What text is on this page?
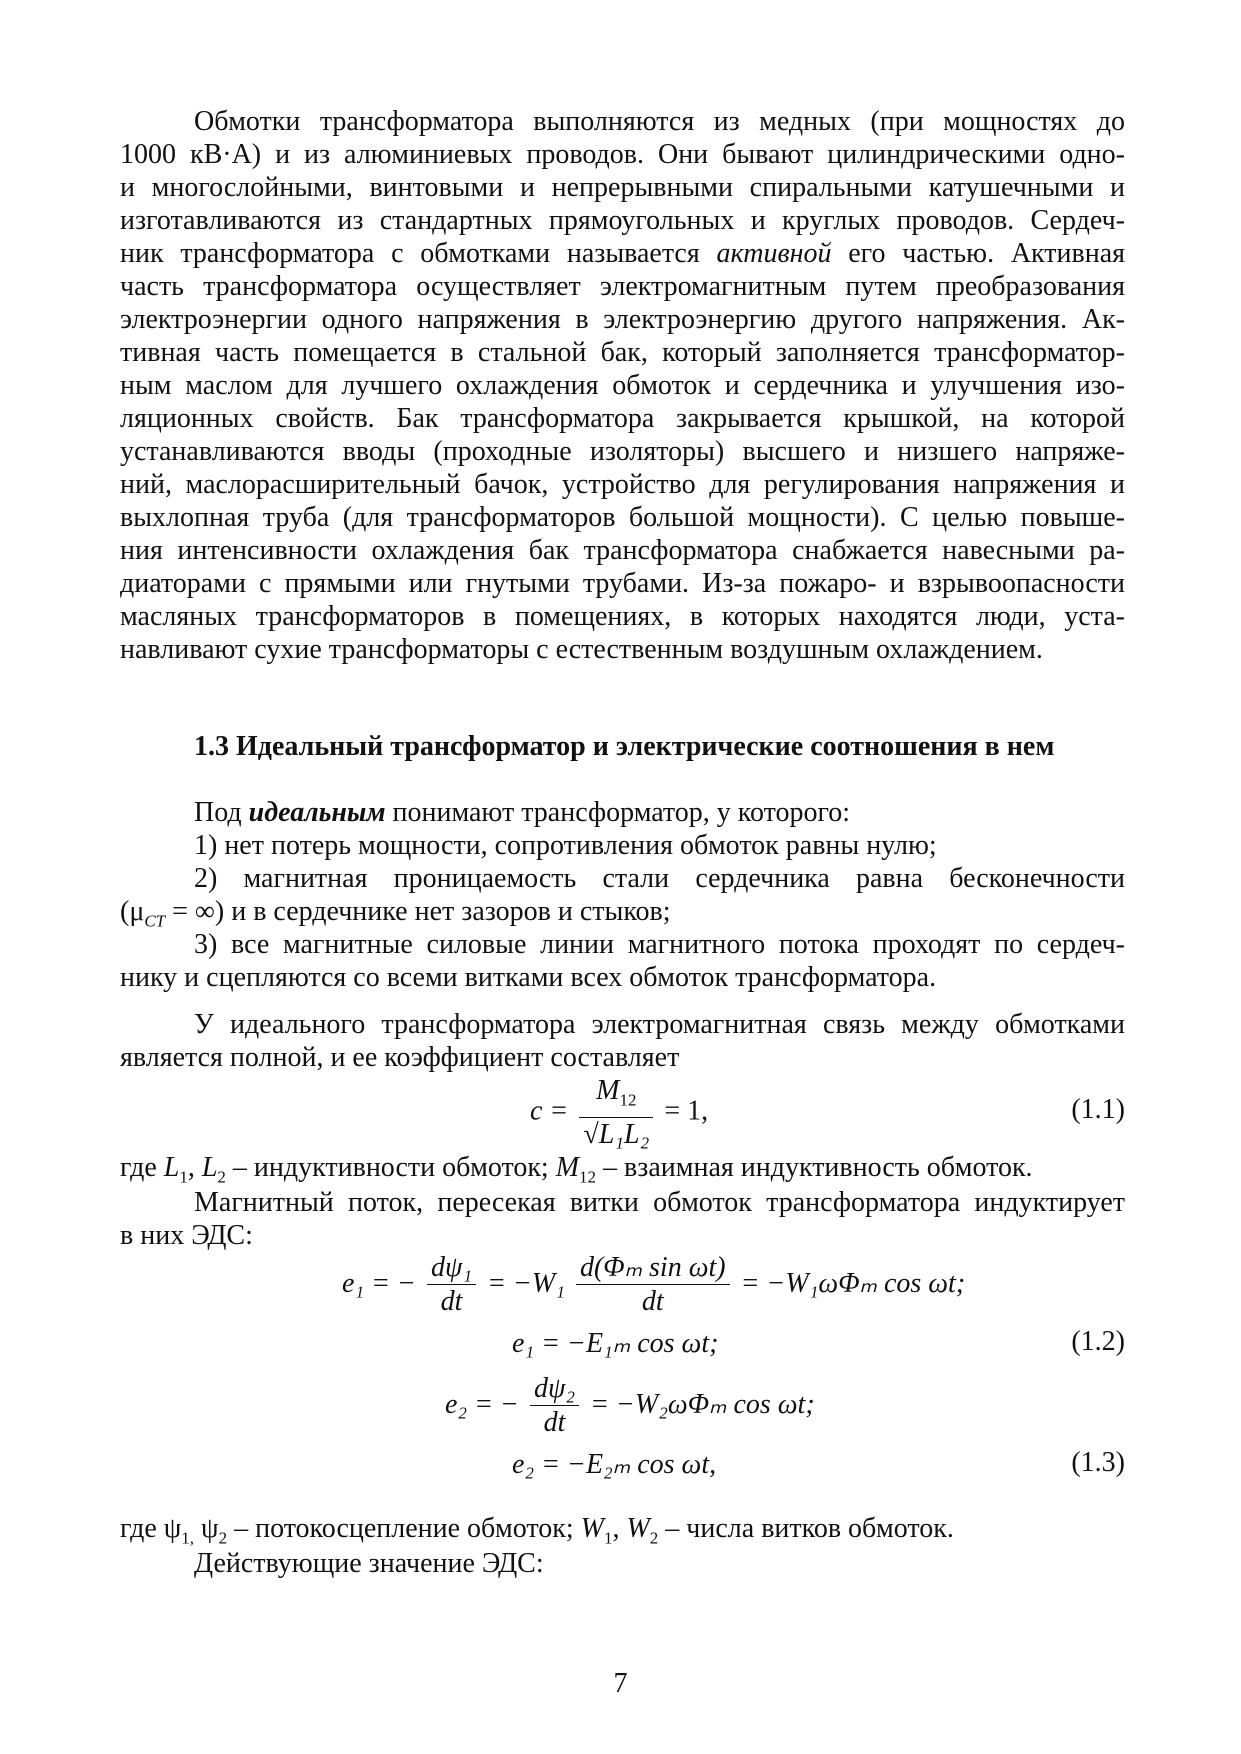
Обмотки трансформатора выполняются из медных (при мощностях до
1000 кВ·А) и из алюминиевых проводов. Они бывают цилиндрическими одно-
и многослойными, винтовыми и непрерывными спиральными катушечными и
изготавливаются из стандартных прямоугольных и круглых проводов. Сердеч-
ник трансформатора с обмотками называется активной его частью. Активная
часть трансформатора осуществляет электромагнитным путем преобразования
электроэнергии одного напряжения в электроэнергию другого напряжения. Ак-
тивная часть помещается в стальной бак, который заполняется трансформатор-
ным маслом для лучшего охлаждения обмоток и сердечника и улучшения изо-
ляционных свойств. Бак трансформатора закрывается крышкой, на которой
устанавливаются вводы (проходные изоляторы) высшего и низшего напряже-
ний, маслорасширительный бачок, устройство для регулирования напряжения и
выхлопная труба (для трансформаторов большой мощности). С целью повыше-
ния интенсивности охлаждения бак трансформатора снабжается навесными ра-
диаторами с прямыми или гнутыми трубами. Из-за пожаро- и взрывоопасности
масляных трансформаторов в помещениях, в которых находятся люди, уста-
навливают сухие трансформаторы с естественным воздушным охлаждением.
1.3 Идеальный трансформатор и электрические соотношения в нем
Под идеальным понимают трансформатор, у которого:
1) нет потерь мощности, сопротивления обмоток равны нулю;
2) магнитная проницаемость стали сердечника равна бесконечности
($\mu_{CT}$ = ∞) и в сердечнике нет зазоров и стыков;
3) все магнитные силовые линии магнитного потока проходят по сердеч-
нику и сцепляются со всеми витками всех обмоток трансформатора.
У идеального трансформатора электромагнитная связь между обмотками
является полной, и ее коэффициент составляет
$c = \frac{M_{12}}{\text{√L₁L₂}} = 1$,	(1.1)
где $L_1$, $L_2$ – индуктивности обмоток; $M_{12}$ – взаимная индуктивность обмоток.
Магнитный поток, пересекая витки обмоток трансформатора индуктирует
в них ЭДС:
e₁ = − $\frac{\text{dψ₁}}{dt} = -W_1 \frac{\text{d(Φₘ sin ωt)}}{dt} = -W_1\omega\Phi_m$ cos ωt;
e₁ = −E₁ₘ cos ωt;	(1.2)
e₂ = − $\frac{\text{dψ₂}}{dt} = -W_2\omega\Phi_m$ cos ωt;
e₂ = −E₂ₘ cos ωt,	(1.3)
где $\psi_{1,}$ $\psi_2$ – потокосцепление обмоток; $W_1$, $W_2$ – числа витков обмоток.
Действующие значение ЭДС:
7
